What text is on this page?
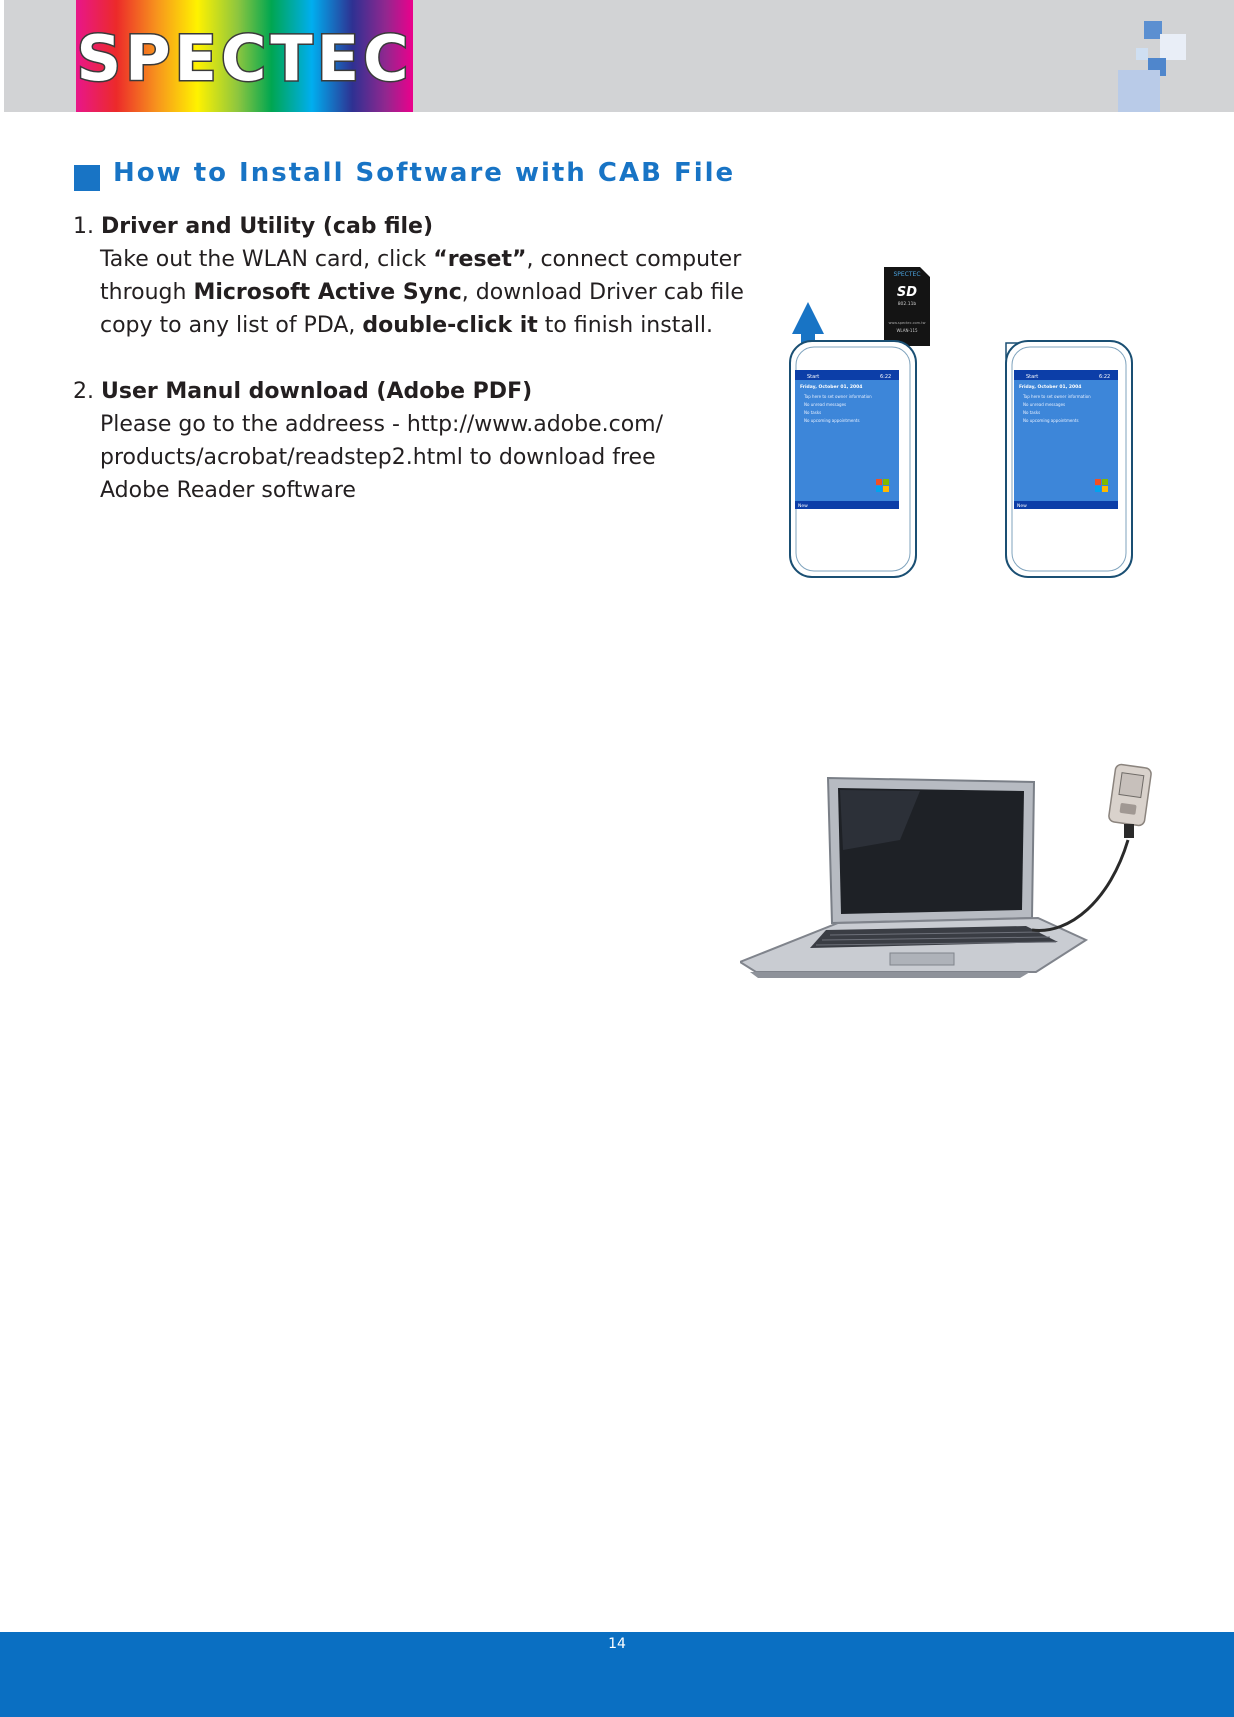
SPECTEC
How to Install Software with CAB File
1. Driver and Utility (cab file)
Take out the WLAN card, click “reset”, connect computer
through Microsoft Active Sync, download Driver cab file
copy to any list of PDA, double-click it to finish install.
2. User Manul download (Adobe PDF)
Please go to the addreess - http://www.adobe.com/
products/acrobat/readstep2.html to download free
Adobe Reader software
SPECTEC
SD
802.11b
www.spectec.com.tw
WLAN-115
Start	6:22
Friday, October 01, 2004
Tap here to set owner information
No unread messages
No tasks
No upcoming appointments
New
Start	6:22
Friday, October 01, 2004
Tap here to set owner information
No unread messages
No tasks
No upcoming appointments
New
14
